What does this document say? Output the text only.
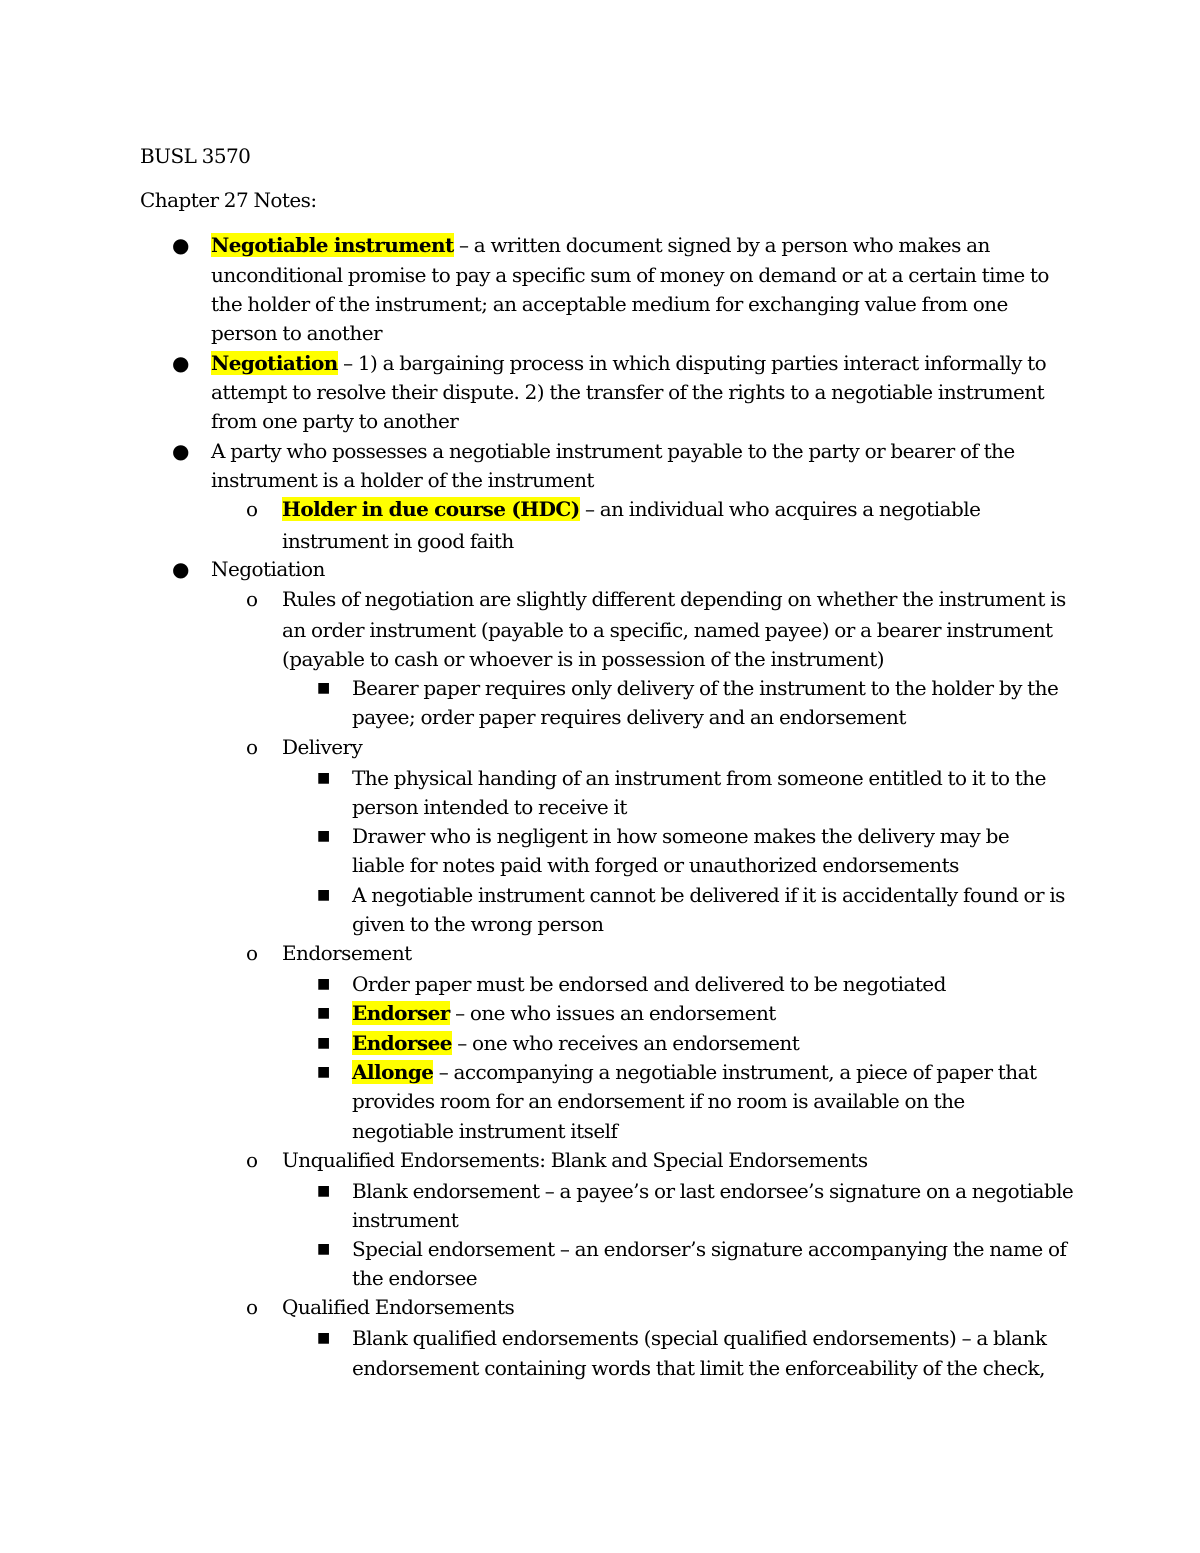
BUSL 3570
Chapter 27 Notes:
● Negotiable instrument – a written document signed by a person who makes an
unconditional promise to pay a specific sum of money on demand or at a certain time to
the holder of the instrument; an acceptable medium for exchanging value from one
person to another
● Negotiation – 1) a bargaining process in which disputing parties interact informally to
attempt to resolve their dispute. 2) the transfer of the rights to a negotiable instrument
from one party to another
● A party who possesses a negotiable instrument payable to the party or bearer of the
instrument is a holder of the instrument
o Holder in due course (HDC) – an individual who acquires a negotiable
instrument in good faith
● Negotiation
o Rules of negotiation are slightly different depending on whether the instrument is
an order instrument (payable to a specific, named payee) or a bearer instrument
(payable to cash or whoever is in possession of the instrument)
■ Bearer paper requires only delivery of the instrument to the holder by the
payee; order paper requires delivery and an endorsement
o Delivery
■ The physical handing of an instrument from someone entitled to it to the
person intended to receive it
■ Drawer who is negligent in how someone makes the delivery may be
liable for notes paid with forged or unauthorized endorsements
■ A negotiable instrument cannot be delivered if it is accidentally found or is
given to the wrong person
o Endorsement
■ Order paper must be endorsed and delivered to be negotiated
■ Endorser – one who issues an endorsement
■ Endorsee – one who receives an endorsement
■ Allonge – accompanying a negotiable instrument, a piece of paper that
provides room for an endorsement if no room is available on the
negotiable instrument itself
o Unqualified Endorsements: Blank and Special Endorsements
■ Blank endorsement – a payee’s or last endorsee’s signature on a negotiable
instrument
■ Special endorsement – an endorser’s signature accompanying the name of
the endorsee
o Qualified Endorsements
■ Blank qualified endorsements (special qualified endorsements) – a blank
endorsement containing words that limit the enforceability of the check,
